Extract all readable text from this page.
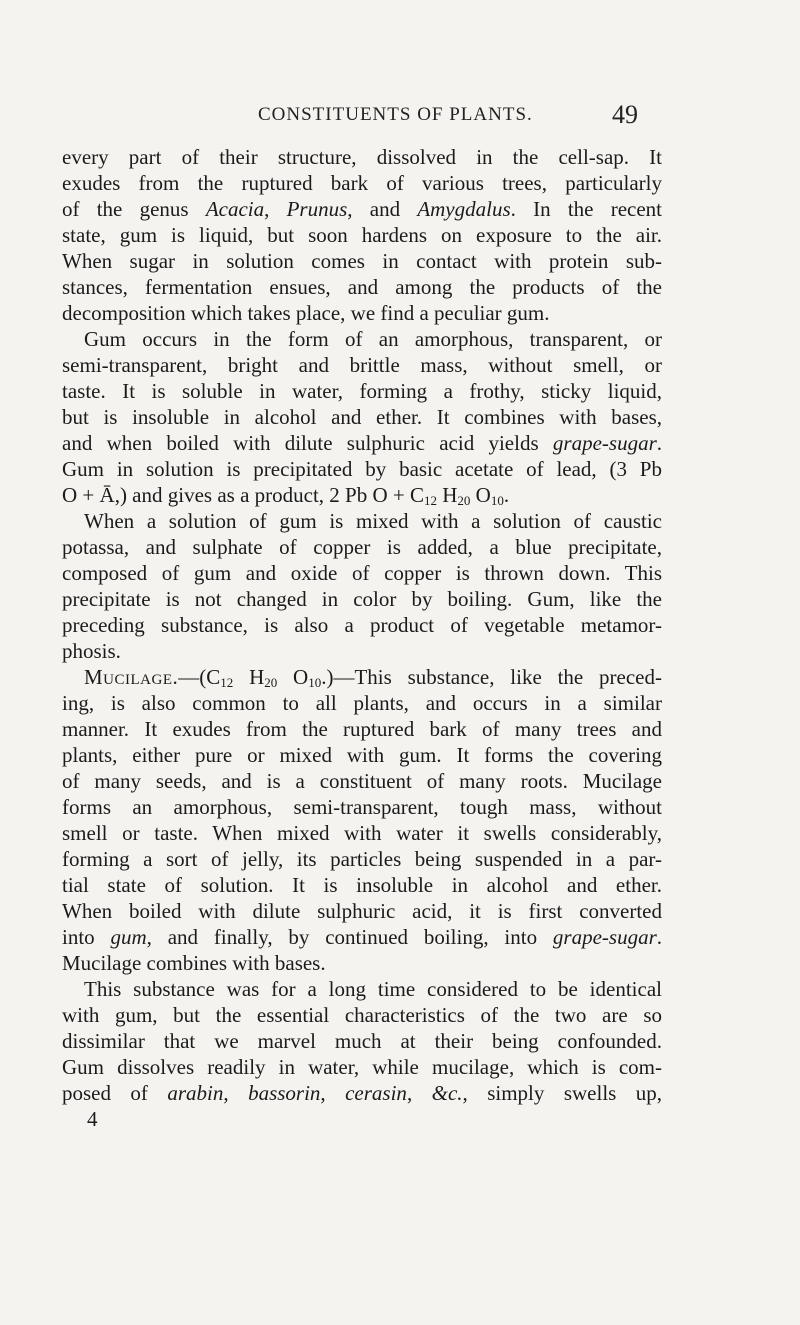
CONSTITUENTS OF PLANTS.	49
every part of their structure, dissolved in the cell-sap. It
exudes from the ruptured bark of various trees, particularly
of the genus Acacia, Prunus, and Amygdalus. In the recent
state, gum is liquid, but soon hardens on exposure to the air.
When sugar in solution comes in contact with protein sub-
stances, fermentation ensues, and among the products of the
decomposition which takes place, we find a peculiar gum.
Gum occurs in the form of an amorphous, transparent, or
semi-transparent, bright and brittle mass, without smell, or
taste. It is soluble in water, forming a frothy, sticky liquid,
but is insoluble in alcohol and ether. It combines with bases,
and when boiled with dilute sulphuric acid yields grape-sugar.
Gum in solution is precipitated by basic acetate of lead, (3 Pb
O + Ā,) and gives as a product, 2 Pb $O + C_{12}$ $H_{20}$ $O_{10}$.
When a solution of gum is mixed with a solution of caustic
potassa, and sulphate of copper is added, a blue precipitate,
composed of gum and oxide of copper is thrown down. This
precipitate is not changed in color by boiling. Gum, like the
preceding substance, is also a product of vegetable metamor-
phosis.
$Mucilage.—(C_{12}$ $H_{20}$ $O_{10}.)—This$ substance, like the preced-
ing, is also common to all plants, and occurs in a similar
manner. It exudes from the ruptured bark of many trees and
plants, either pure or mixed with gum. It forms the covering
of many seeds, and is a constituent of many roots. Mucilage
forms an amorphous, semi-transparent, tough mass, without
smell or taste. When mixed with water it swells considerably,
forming a sort of jelly, its particles being suspended in a par-
tial state of solution. It is insoluble in alcohol and ether.
When boiled with dilute sulphuric acid, it is first converted
into gum, and finally, by continued boiling, into grape-sugar.
Mucilage combines with bases.
This substance was for a long time considered to be identical
with gum, but the essential characteristics of the two are so
dissimilar that we marvel much at their being confounded.
Gum dissolves readily in water, while mucilage, which is com-
posed of arabin, bassorin, cerasin, &c., simply swells up,
4
